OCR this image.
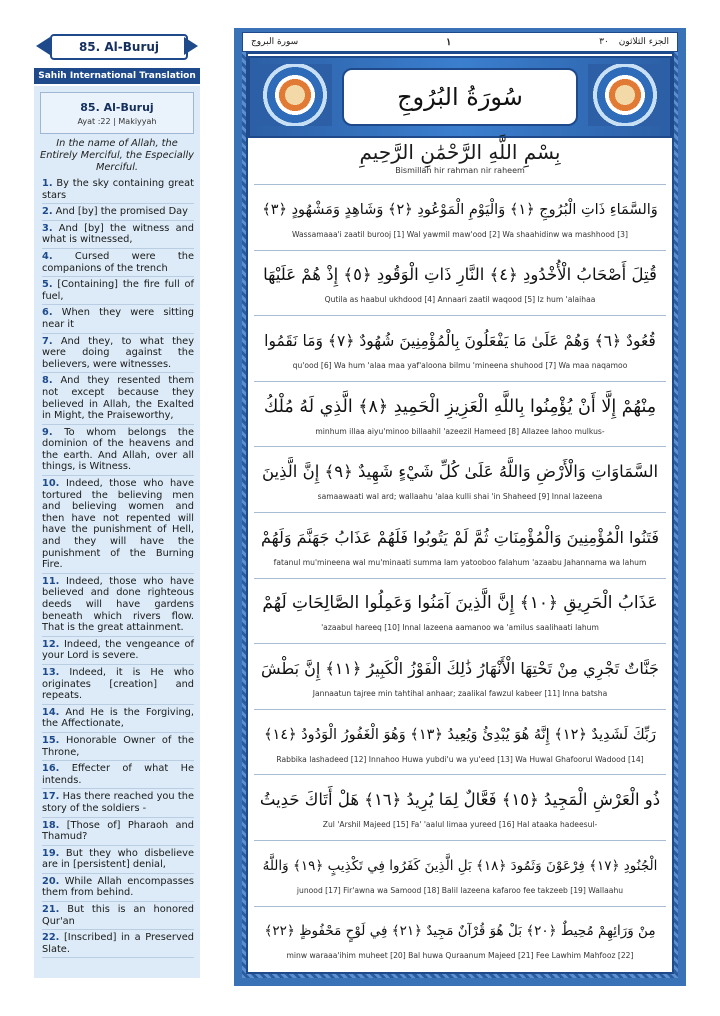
85. Al-Buruj
Sahih International Translation
85. Al-Buruj
Ayat :22 | Makiyyah
In the name of Allah, the Entirely Merciful, the Especially Merciful.
1. By the sky containing great stars
2. And [by] the promised Day
3. And [by] the witness and what is witnessed,
4. Cursed were the companions of the trench
5. [Containing] the fire full of fuel,
6. When they were sitting near it
7. And they, to what they were doing against the believers, were witnesses.
8. And they resented them not except because they believed in Allah, the Exalted in Might, the Praiseworthy,
9. To whom belongs the dominion of the heavens and the earth. And Allah, over all things, is Witness.
10. Indeed, those who have tortured the believing men and believing women and then have not repented will have the punishment of Hell, and they will have the punishment of the Burning Fire.
11. Indeed, those who have believed and done righteous deeds will have gardens beneath which rivers flow. That is the great attainment.
12. Indeed, the vengeance of your Lord is severe.
13. Indeed, it is He who originates [creation] and repeats.
14. And He is the Forgiving, the Affectionate,
15. Honorable Owner of the Throne,
16. Effecter of what He intends.
17. Has there reached you the story of the soldiers -
18. [Those of] Pharaoh and Thamud?
19. But they who disbelieve are in [persistent] denial,
20. While Allah encompasses them from behind.
21. But this is an honored Qur'an
22. [Inscribed] in a Preserved Slate.
سورة البروج	١	٣٠ الجزء الثلاثون
سُورَةُ البُرُوجِ
بِسْمِ اللَّهِ الرَّحْمَٰنِ الرَّحِيمِ
Bismillah hir rahman nir raheem
وَالسَّمَاءِ ذَاتِ الْبُرُوجِ ﴿١﴾ وَالْيَوْمِ الْمَوْعُودِ ﴿٢﴾ وَشَاهِدٍ وَمَشْهُودٍ ﴿٣﴾
Wassamaaa'i zaatil burooj [1] Wal yawmil maw'ood [2] Wa shaahidinw wa mashhood [3]
قُتِلَ أَصْحَابُ الْأُخْدُودِ ﴿٤﴾ النَّارِ ذَاتِ الْوَقُودِ ﴿٥﴾ إِذْ هُمْ عَلَيْهَا
Qutila as haabul ukhdood [4] Annaari zaatil waqood [5] Iz hum 'alaihaa
قُعُودٌ ﴿٦﴾ وَهُمْ عَلَىٰ مَا يَفْعَلُونَ بِالْمُؤْمِنِينَ شُهُودٌ ﴿٧﴾ وَمَا نَقَمُوا
qu'ood [6] Wa hum 'alaa maa yaf'aloona bilmu 'mineena shuhood [7] Wa maa naqamoo
مِنْهُمْ إِلَّا أَنْ يُؤْمِنُوا بِاللَّهِ الْعَزِيزِ الْحَمِيدِ ﴿٨﴾ الَّذِي لَهُ مُلْكُ
minhum illaa aiyu'minoo billaahil 'azeezil Hameed [8] Allazee lahoo mulkus-
السَّمَاوَاتِ وَالْأَرْضِ وَاللَّهُ عَلَىٰ كُلِّ شَيْءٍ شَهِيدٌ ﴿٩﴾ إِنَّ الَّذِينَ
samaawaati wal ard; wallaahu 'alaa kulli shai 'in Shaheed [9] Innal lazeena
فَتَنُوا الْمُؤْمِنِينَ وَالْمُؤْمِنَاتِ ثُمَّ لَمْ يَتُوبُوا فَلَهُمْ عَذَابُ جَهَنَّمَ وَلَهُمْ
fatanul mu'mineena wal mu'minaati summa lam yatooboo falahum 'azaabu Jahannama wa lahum
عَذَابُ الْحَرِيقِ ﴿١٠﴾ إِنَّ الَّذِينَ آمَنُوا وَعَمِلُوا الصَّالِحَاتِ لَهُمْ
'azaabul hareeq [10] Innal lazeena aamanoo wa 'amilus saalihaati lahum
جَنَّاتٌ تَجْرِي مِنْ تَحْتِهَا الْأَنْهَارُ ذَٰلِكَ الْفَوْزُ الْكَبِيرُ ﴿١١﴾ إِنَّ بَطْشَ
Jannaatun tajree min tahtihal anhaar; zaalikal fawzul kabeer [11] Inna batsha
رَبِّكَ لَشَدِيدٌ ﴿١٢﴾ إِنَّهُ هُوَ يُبْدِئُ وَيُعِيدُ ﴿١٣﴾ وَهُوَ الْغَفُورُ الْوَدُودُ ﴿١٤﴾
Rabbika lashadeed [12] Innahoo Huwa yubdi'u wa yu'eed [13] Wa Huwal Ghafoorul Wadood [14]
ذُو الْعَرْشِ الْمَجِيدُ ﴿١٥﴾ فَعَّالٌ لِمَا يُرِيدُ ﴿١٦﴾ هَلْ أَتَاكَ حَدِيثُ
Zul 'Arshil Majeed [15] Fa' 'aalul limaa yureed [16] Hal ataaka hadeesul-
الْجُنُودِ ﴿١٧﴾ فِرْعَوْنَ وَثَمُودَ ﴿١٨﴾ بَلِ الَّذِينَ كَفَرُوا فِي تَكْذِيبٍ ﴿١٩﴾ وَاللَّهُ
junood [17] Fir'awna wa Samood [18] Balil lazeena kafaroo fee takzeeb [19] Wallaahu
مِنْ وَرَائِهِمْ مُحِيطٌ ﴿٢٠﴾ بَلْ هُوَ قُرْآنٌ مَجِيدٌ ﴿٢١﴾ فِي لَوْحٍ مَحْفُوظٍ ﴿٢٢﴾
minw waraaa'ihim muheet [20] Bal huwa Quraanum Majeed [21] Fee Lawhim Mahfooz [22]
